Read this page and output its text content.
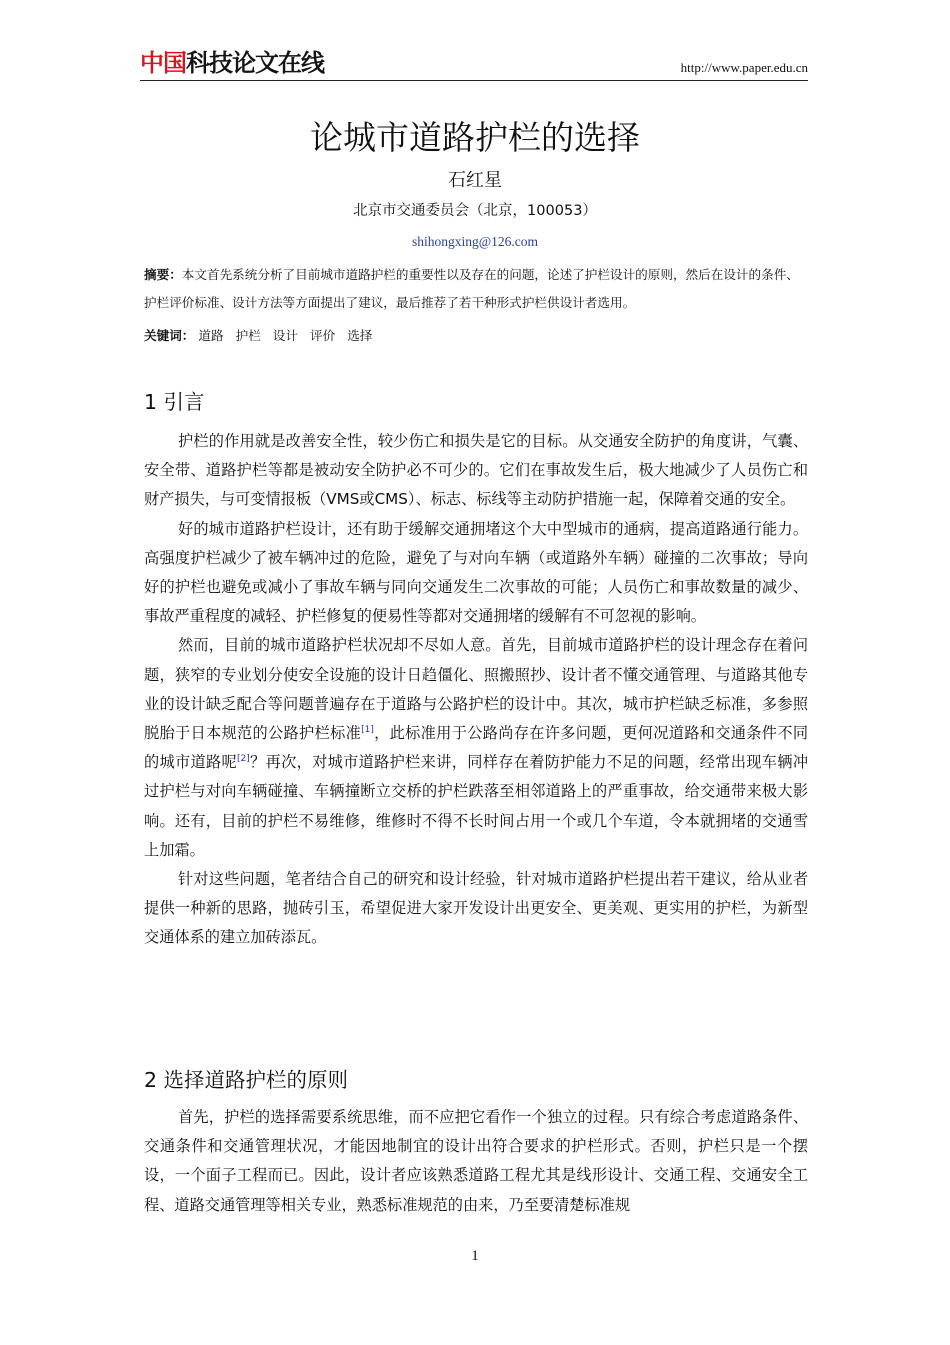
中国科技论文在线	http://www.paper.edu.cn
论城市道路护栏的选择
石红星
北京市交通委员会（北京，100053）
shihongxing@126.com
摘要：本文首先系统分析了目前城市道路护栏的重要性以及存在的问题，论述了护栏设计的原则，然后在设计的条件、护栏评价标准、设计方法等方面提出了建议，最后推荐了若干种形式护栏供设计者选用。
关键词： 道路 护栏 设计 评价 选择
1 引言

护栏的作用就是改善安全性，较少伤亡和损失是它的目标。从交通安全防护的角度讲，气囊、安全带、道路护栏等都是被动安全防护必不可少的。它们在事故发生后，极大地减少了人员伤亡和财产损失，与可变情报板（VMS或CMS）、标志、标线等主动防护措施一起，保障着交通的安全。

好的城市道路护栏设计，还有助于缓解交通拥堵这个大中型城市的通病，提高道路通行能力。高强度护栏减少了被车辆冲过的危险，避免了与对向车辆（或道路外车辆）碰撞的二次事故；导向好的护栏也避免或减小了事故车辆与同向交通发生二次事故的可能；人员伤亡和事故数量的减少、事故严重程度的减轻、护栏修复的便易性等都对交通拥堵的缓解有不可忽视的影响。

然而，目前的城市道路护栏状况却不尽如人意。首先，目前城市道路护栏的设计理念存在着问题，狭窄的专业划分使安全设施的设计日趋僵化、照搬照抄、设计者不懂交通管理、与道路其他专业的设计缺乏配合等问题普遍存在于道路与公路护栏的设计中。其次，城市护栏缺乏标准，多参照脱胎于日本规范的公路护栏标准[1]，此标准用于公路尚存在许多问题，更何况道路和交通条件不同的城市道路呢[2]？再次，对城市道路护栏来讲，同样存在着防护能力不足的问题，经常出现车辆冲过护栏与对向车辆碰撞、车辆撞断立交桥的护栏跌落至相邻道路上的严重事故，给交通带来极大影响。还有，目前的护栏不易维修，维修时不得不长时间占用一个或几个车道，令本就拥堵的交通雪上加霜。

针对这些问题，笔者结合自己的研究和设计经验，针对城市道路护栏提出若干建议，给从业者提供一种新的思路，抛砖引玉，希望促进大家开发设计出更安全、更美观、更实用的护栏，为新型交通体系的建立加砖添瓦。

2 选择道路护栏的原则

首先，护栏的选择需要系统思维，而不应把它看作一个独立的过程。只有综合考虑道路条件、交通条件和交通管理状况，才能因地制宜的设计出符合要求的护栏形式。否则，护栏只是一个摆设，一个面子工程而已。因此，设计者应该熟悉道路工程尤其是线形设计、交通工程、交通安全工程、道路交通管理等相关专业，熟悉标准规范的由来，乃至要清楚标准规

1
